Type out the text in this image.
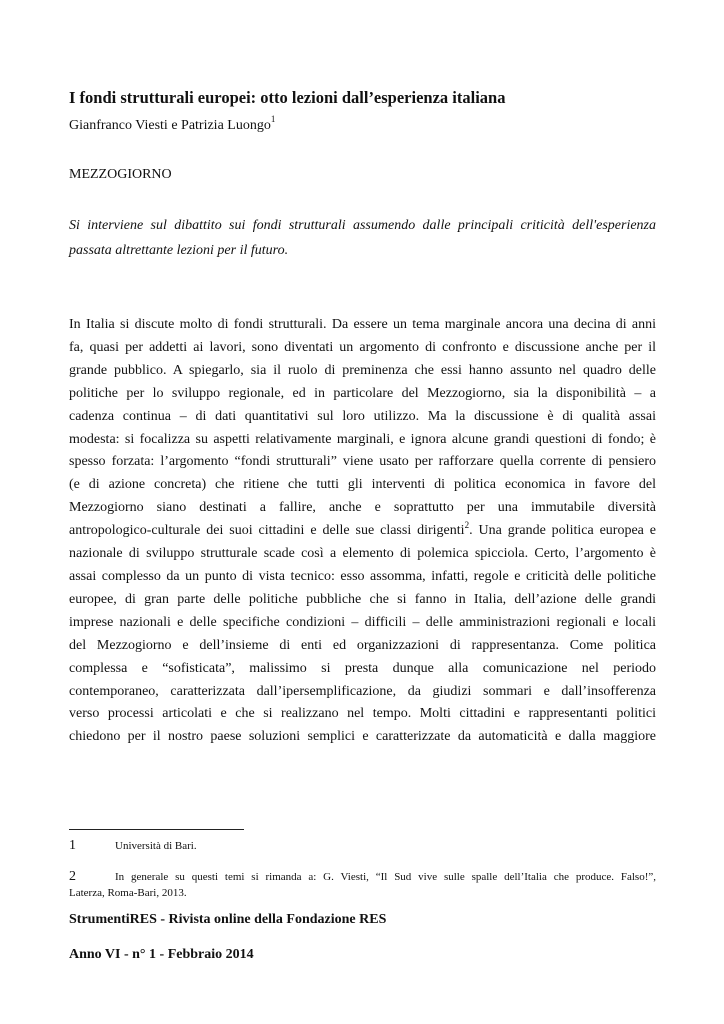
I fondi strutturali europei: otto lezioni dall’esperienza italiana
Gianfranco Viesti e Patrizia Luongo$^1$
MEZZOGIORNO
Si interviene sul dibattito sui fondi strutturali assumendo dalle principali criticità dell'esperienza passata altrettante lezioni per il futuro.
In Italia si discute molto di fondi strutturali. Da essere un tema marginale ancora una decina di anni
fa, quasi per addetti ai lavori, sono diventati un argomento di confronto e discussione anche per il
grande pubblico. A spiegarlo, sia il ruolo di preminenza che essi hanno assunto nel quadro delle
politiche per lo sviluppo regionale, ed in particolare del Mezzogiorno, sia la disponibilità – a
cadenza continua – di dati quantitativi sul loro utilizzo. Ma la discussione è di qualità assai
modesta: si focalizza su aspetti relativamente marginali, e ignora alcune grandi questioni di fondo; è
spesso forzata: l’argomento “fondi strutturali” viene usato per rafforzare quella corrente di pensiero
(e di azione concreta) che ritiene che tutti gli interventi di politica economica in favore del
Mezzogiorno siano destinati a fallire, anche e soprattutto per una immutabile diversità
antropologico-culturale dei suoi cittadini e delle sue classi dirigenti$^2$. Una grande politica europea e
nazionale di sviluppo strutturale scade così a elemento di polemica spicciola. Certo, l’argomento è
assai complesso da un punto di vista tecnico: esso assomma, infatti, regole e criticità delle politiche
europee, di gran parte delle politiche pubbliche che si fanno in Italia, dell’azione delle grandi
imprese nazionali e delle specifiche condizioni – difficili – delle amministrazioni regionali e locali
del Mezzogiorno e dell’insieme di enti ed organizzazioni di rappresentanza. Come politica
complessa e “sofisticata”, malissimo si presta dunque alla comunicazione nel periodo
contemporaneo, caratterizzata dall’ipersemplificazione, da giudizi sommari e dall’insofferenza
verso processi articolati e che si realizzano nel tempo. Molti cittadini e rappresentanti politici
chiedono per il nostro paese soluzioni semplici e caratterizzate da automaticità e dalla maggiore
1	Università di Bari.
2	In generale su questi temi si rimanda a: G. Viesti, “Il Sud vive sulle spalle dell’Italia che produce. Falso!”,
Laterza, Roma-Bari, 2013.
StrumentiRES - Rivista online della Fondazione RES
Anno VI - n° 1 - Febbraio 2014
